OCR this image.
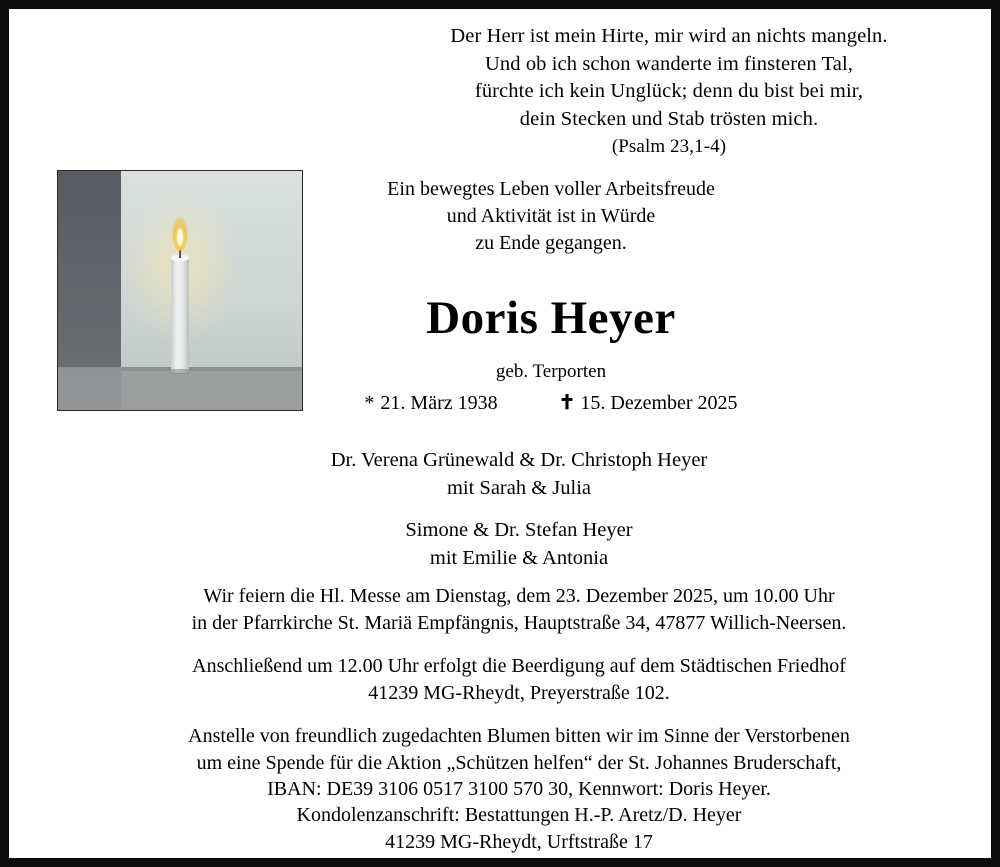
Der Herr ist mein Hirte, mir wird an nichts mangeln.
Und ob ich schon wanderte im finsteren Tal,
fürchte ich kein Unglück; denn du bist bei mir,
dein Stecken und Stab trösten mich.
(Psalm 23,1-4)
Ein bewegtes Leben voller Arbeitsfreude
und Aktivität ist in Würde
zu Ende gegangen.
Doris Heyer
geb. Terporten
* 21. März 1938	✝ 15. Dezember 2025
Dr. Verena Grünewald & Dr. Christoph Heyer
mit Sarah & Julia
Simone & Dr. Stefan Heyer
mit Emilie & Antonia
Wir feiern die Hl. Messe am Dienstag, dem 23. Dezember 2025, um 10.00 Uhr
in der Pfarrkirche St. Mariä Empfängnis, Hauptstraße 34, 47877 Willich-Neersen.
Anschließend um 12.00 Uhr erfolgt die Beerdigung auf dem Städtischen Friedhof
41239 MG-Rheydt, Preyerstraße 102.
Anstelle von freundlich zugedachten Blumen bitten wir im Sinne der Verstorbenen
um eine Spende für die Aktion „Schützen helfen“ der St. Johannes Bruderschaft,
IBAN: DE39 3106 0517 3100 570 30, Kennwort: Doris Heyer.
Kondolenzanschrift: Bestattungen H.-P. Aretz/D. Heyer
41239 MG-Rheydt, Urftstraße 17
